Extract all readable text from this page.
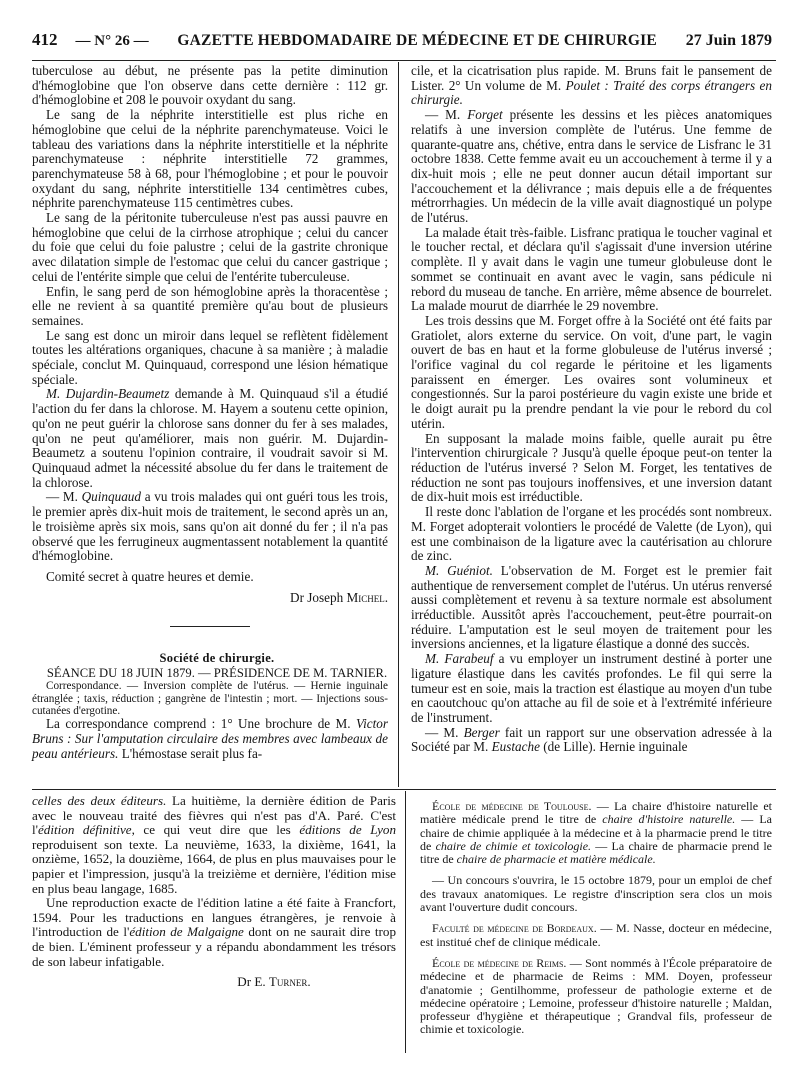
412 — N° 26 —	GAZETTE HEBDOMADAIRE DE MÉDECINE ET DE CHIRURGIE	27 Juin 1879

tuberculose au début, ne présente pas la petite diminution d'hémoglobine que l'on observe dans cette dernière : 112 gr. d'hémoglobine et 208 le pouvoir oxydant du sang.

Le sang de la néphrite interstitielle est plus riche en hémoglobine que celui de la néphrite parenchymateuse. Voici le tableau des variations dans la néphrite interstitielle et la néphrite parenchymateuse : néphrite interstitielle 72 grammes, parenchymateuse 58 à 68, pour l'hémoglobine ; et pour le pouvoir oxydant du sang, néphrite interstitielle 134 centimètres cubes, néphrite parenchymateuse 115 centimètres cubes.

Le sang de la péritonite tuberculeuse n'est pas aussi pauvre en hémoglobine que celui de la cirrhose atrophique ; celui du cancer du foie que celui du foie palustre ; celui de la gastrite chronique avec dilatation simple de l'estomac que celui du cancer gastrique ; celui de l'entérite simple que celui de l'entérite tuberculeuse.

Enfin, le sang perd de son hémoglobine après la thoracentèse ; elle ne revient à sa quantité première qu'au bout de plusieurs semaines.

Le sang est donc un miroir dans lequel se reflètent fidèlement toutes les altérations organiques, chacune à sa manière ; à maladie spéciale, conclut M. Quinquaud, correspond une lésion hématique spéciale.

M. Dujardin-Beaumetz demande à M. Quinquaud s'il a étudié l'action du fer dans la chlorose. M. Hayem a soutenu cette opinion, qu'on ne peut guérir la chlorose sans donner du fer à ses malades, qu'on ne peut qu'améliorer, mais non guérir. M. Dujardin-Beaumetz a soutenu l'opinion contraire, il voudrait savoir si M. Quinquaud admet la nécessité absolue du fer dans le traitement de la chlorose.

— M. Quinquaud a vu trois malades qui ont guéri tous les trois, le premier après dix-huit mois de traitement, le second après un an, le troisième après six mois, sans qu'on ait donné du fer ; il n'a pas observé que les ferrugineux augmentassent notablement la quantité d'hémoglobine.

Comité secret à quatre heures et demie.

Dr Joseph Michel.

Société de chirurgie.

SÉANCE DU 18 JUIN 1879. — PRÉSIDENCE DE M. TARNIER.

Correspondance. — Inversion complète de l'utérus. — Hernie inguinale étranglée ; taxis, réduction ; gangrène de l'intestin ; mort. — Injections sous-cutanées d'ergotine.

La correspondance comprend : 1° Une brochure de M. Victor Bruns : Sur l'amputation circulaire des membres avec lambeaux de peau antérieurs. L'hémostase serait plus fa-

cile, et la cicatrisation plus rapide. M. Bruns fait le pansement de Lister. 2° Un volume de M. Poulet : Traité des corps étrangers en chirurgie.

— M. Forget présente les dessins et les pièces anatomiques relatifs à une inversion complète de l'utérus. Une femme de quarante-quatre ans, chétive, entra dans le service de Lisfranc le 31 octobre 1838. Cette femme avait eu un accouchement à terme il y a dix-huit mois ; elle ne peut donner aucun détail important sur l'accouchement et la délivrance ; mais depuis elle a de fréquentes métrorrhagies. Un médecin de la ville avait diagnostiqué un polype de l'utérus.

La malade était très-faible. Lisfranc pratiqua le toucher vaginal et le toucher rectal, et déclara qu'il s'agissait d'une inversion utérine complète. Il y avait dans le vagin une tumeur globuleuse dont le sommet se continuait en avant avec le vagin, sans pédicule ni rebord du museau de tanche. En arrière, même absence de bourrelet. La malade mourut de diarrhée le 29 novembre.

Les trois dessins que M. Forget offre à la Société ont été faits par Gratiolet, alors externe du service. On voit, d'une part, le vagin ouvert de bas en haut et la forme globuleuse de l'utérus inversé ; l'orifice vaginal du col regarde le péritoine et les ligaments paraissent en émerger. Les ovaires sont volumineux et congestionnés. Sur la paroi postérieure du vagin existe une bride et le doigt aurait pu la prendre pendant la vie pour le rebord du col utérin.

En supposant la malade moins faible, quelle aurait pu être l'intervention chirurgicale ? Jusqu'à quelle époque peut-on tenter la réduction de l'utérus inversé ? Selon M. Forget, les tentatives de réduction ne sont pas toujours inoffensives, et une inversion datant de dix-huit mois est irréductible.

Il reste donc l'ablation de l'organe et les procédés sont nombreux. M. Forget adopterait volontiers le procédé de Valette (de Lyon), qui est une combinaison de la ligature avec la cautérisation au chlorure de zinc.

M. Guéniot. L'observation de M. Forget est le premier fait authentique de renversement complet de l'utérus. Un utérus renversé aussi complètement et revenu à sa texture normale est absolument irréductible. Aussitôt après l'accouchement, peut-être pourrait-on réduire. L'amputation est le seul moyen de traitement pour les inversions anciennes, et la ligature élastique a donné des succès.

M. Farabeuf a vu employer un instrument destiné à porter une ligature élastique dans les cavités profondes. Le fil qui serre la tumeur est en soie, mais la traction est élastique au moyen d'un tube en caoutchouc qu'on attache au fil de soie et à l'extrémité inférieure de l'instrument.

— M. Berger fait un rapport sur une observation adressée à la Société par M. Eustache (de Lille). Hernie inguinale

celles des deux éditeurs. La huitième, la dernière édition de Paris avec le nouveau traité des fièvres qui n'est pas d'A. Paré. C'est l'édition définitive, ce qui veut dire que les éditions de Lyon reproduisent son texte. La neuvième, 1633, la dixième, 1641, la onzième, 1652, la douzième, 1664, de plus en plus mauvaises pour le papier et l'impression, jusqu'à la treizième et dernière, l'édition mise en plus beau langage, 1685.

Une reproduction exacte de l'édition latine a été faite à Francfort, 1594. Pour les traductions en langues étrangères, je renvoie à l'introduction de l'édition de Malgaigne dont on ne saurait dire trop de bien. L'éminent professeur y a répandu abondamment les trésors de son labeur infatigable.

Dr E. Turner.

École de médecine de Toulouse. — La chaire d'histoire naturelle et matière médicale prend le titre de chaire d'histoire naturelle. — La chaire de chimie appliquée à la médecine et à la pharmacie prend le titre de chaire de chimie et toxicologie. — La chaire de pharmacie prend le titre de chaire de pharmacie et matière médicale.

— Un concours s'ouvrira, le 15 octobre 1879, pour un emploi de chef des travaux anatomiques. Le registre d'inscription sera clos un mois avant l'ouverture dudit concours.

Faculté de médecine de Bordeaux. — M. Nasse, docteur en médecine, est institué chef de clinique médicale.

École de médecine de Reims. — Sont nommés à l'École préparatoire de médecine et de pharmacie de Reims : MM. Doyen, professeur d'anatomie ; Gentilhomme, professeur de pathologie externe et de médecine opératoire ; Lemoine, professeur d'histoire naturelle ; Maldan, professeur d'hygiène et thérapeutique ; Grandval fils, professeur de chimie et toxicologie.
